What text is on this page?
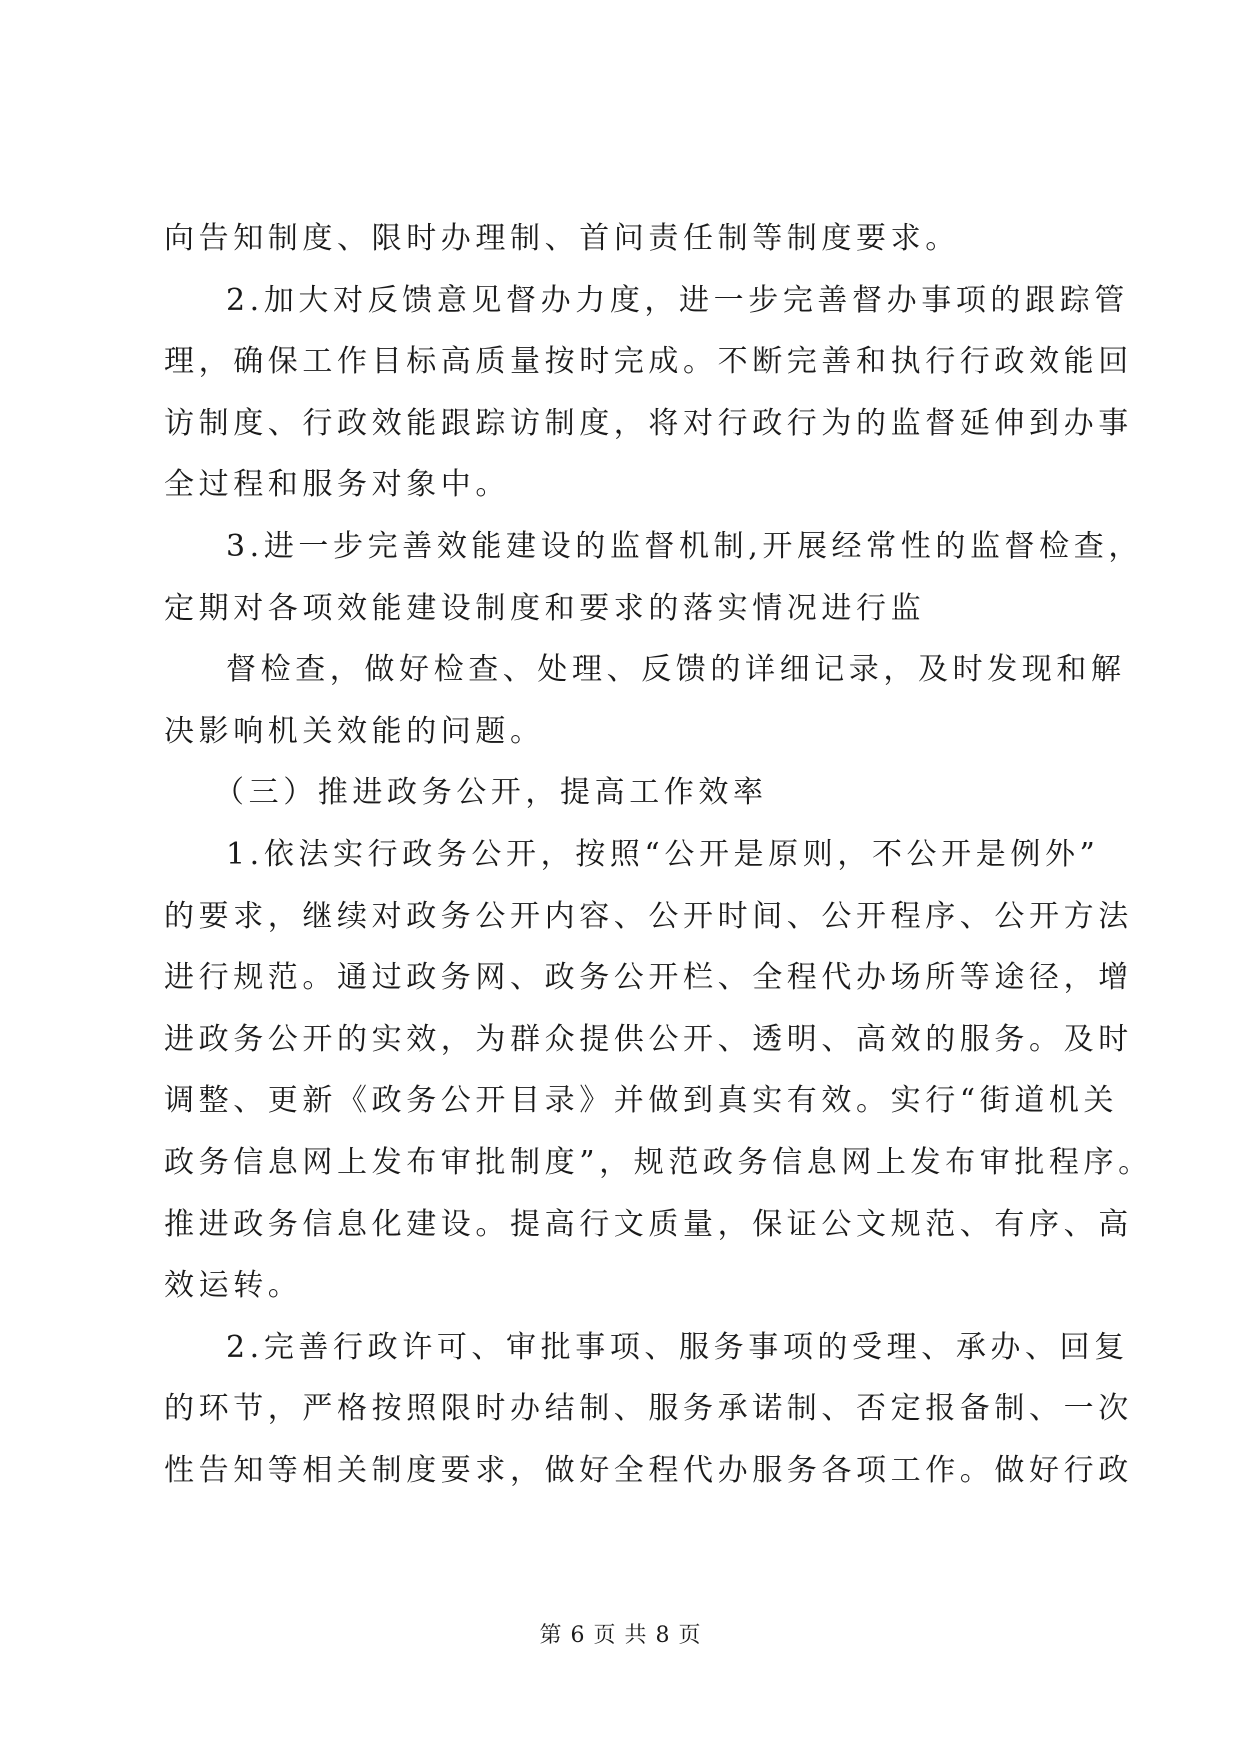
向告知制度、限时办理制、首问责任制等制度要求。
2.加大对反馈意见督办力度，进一步完善督办事项的跟踪管
理，确保工作目标高质量按时完成。不断完善和执行行政效能回
访制度、行政效能跟踪访制度，将对行政行为的监督延伸到办事
全过程和服务对象中。
3.进一步完善效能建设的监督机制,开展经常性的监督检查，
定期对各项效能建设制度和要求的落实情况进行监
督检查，做好检查、处理、反馈的详细记录，及时发现和解
决影响机关效能的问题。
（三）推进政务公开，提高工作效率
1.依法实行政务公开，按照“公开是原则，不公开是例外”
的要求，继续对政务公开内容、公开时间、公开程序、公开方法
进行规范。通过政务网、政务公开栏、全程代办场所等途径，增
进政务公开的实效，为群众提供公开、透明、高效的服务。及时
调整、更新《政务公开目录》并做到真实有效。实行“街道机关
政务信息网上发布审批制度”，规范政务信息网上发布审批程序。
推进政务信息化建设。提高行文质量，保证公文规范、有序、高
效运转。
2.完善行政许可、审批事项、服务事项的受理、承办、回复
的环节，严格按照限时办结制、服务承诺制、否定报备制、一次
性告知等相关制度要求，做好全程代办服务各项工作。做好行政
第 6 页 共 8 页
